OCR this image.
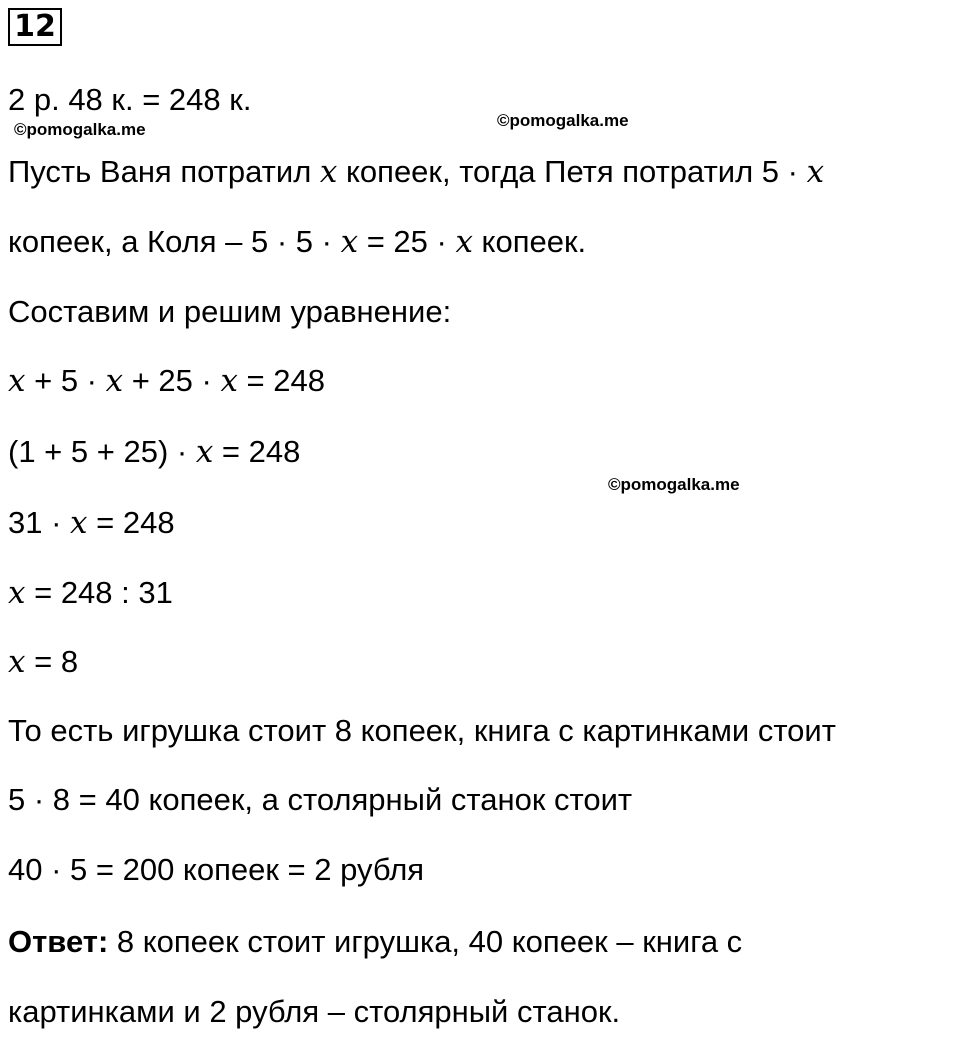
12
2 р. 48 к. = 248 к.
©pomogalka.me	©pomogalka.me
Пусть Ваня потратил x копеек, тогда Петя потратил 5 · x
копеек, а Коля – 5 · 5 · x = 25 · x копеек.
Составим и решим уравнение:
x + 5 · x + 25 · x = 248
(1 + 5 + 25) · x = 248
©pomogalka.me
31 · x = 248
x = 248 : 31
x = 8
То есть игрушка стоит 8 копеек, книга с картинками стоит
5 · 8 = 40 копеек, а столярный станок стоит
40 · 5 = 200 копеек = 2 рубля
Ответ: 8 копеек стоит игрушка, 40 копеек – книга с
картинками и 2 рубля – столярный станок.
